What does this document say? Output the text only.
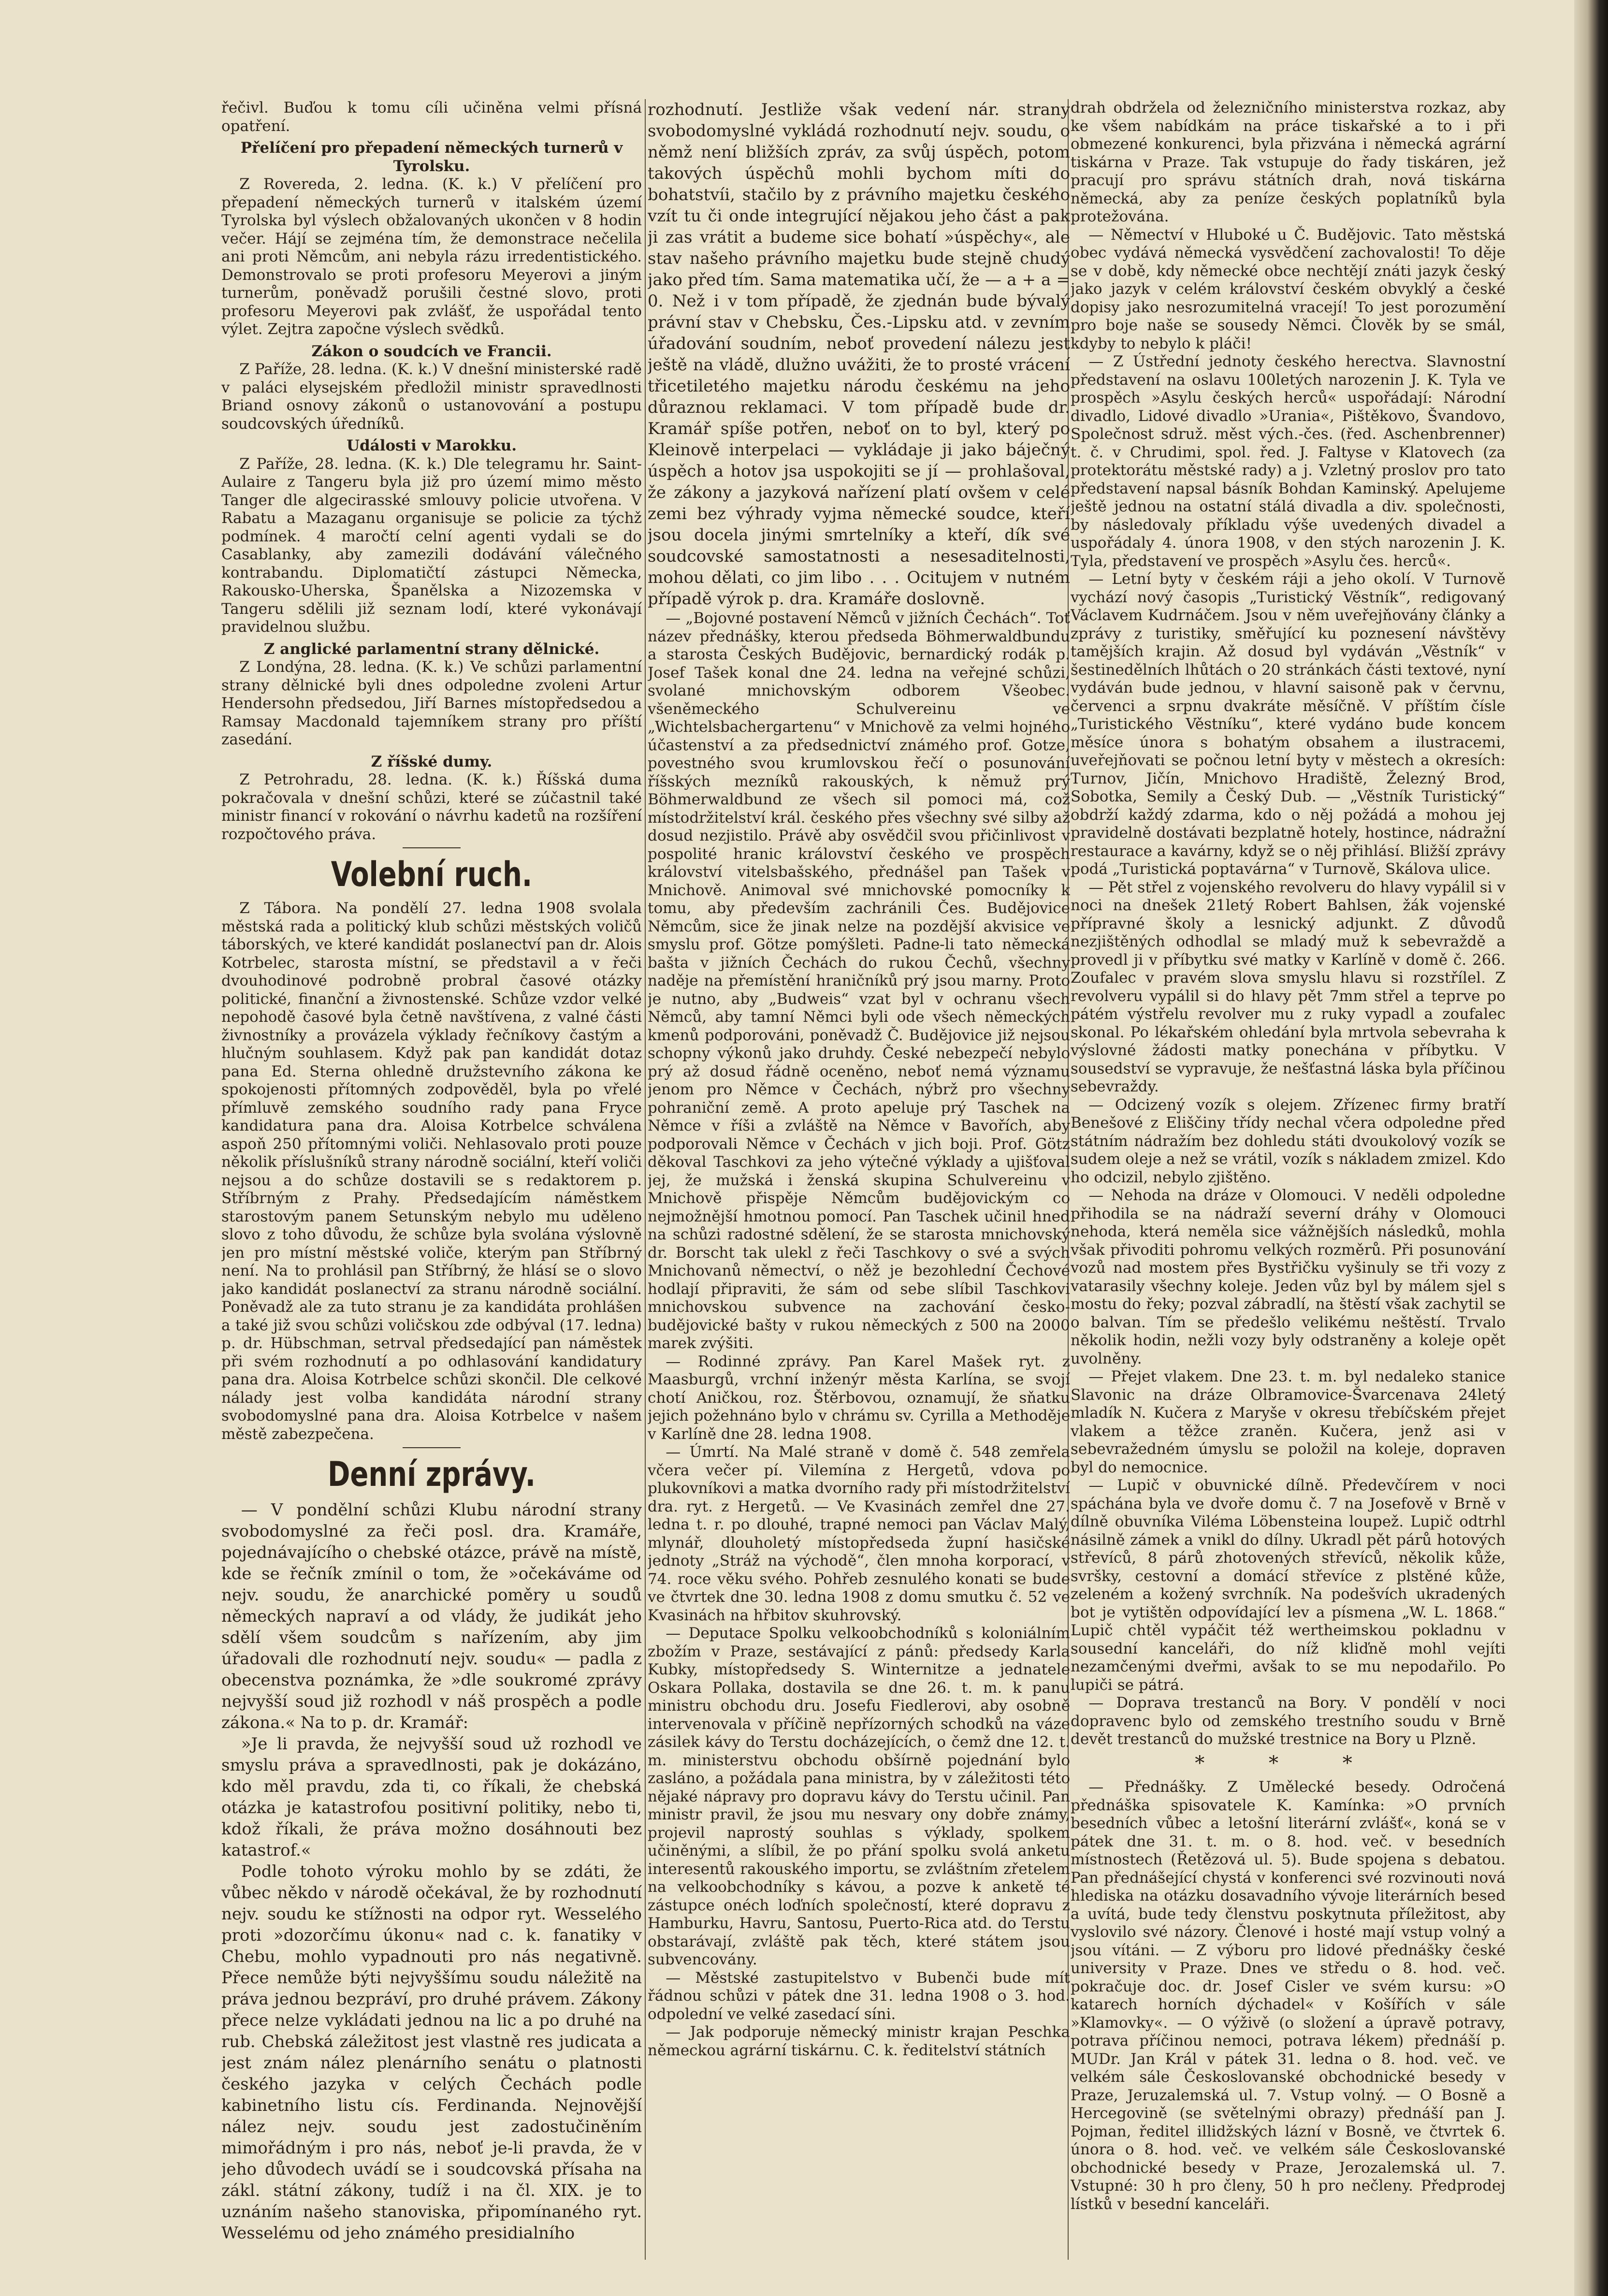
řečivl. Buďou k tomu cíli učiněna velmi přísná opatření.

Přelíčení pro přepadení německých turnerů v Tyrolsku.

Z Rovereda, 2. ledna. (K. k.) V přelíčení pro přepadení německých turnerů v italském území Tyrolska byl výslech obžalovaných ukončen v 8 hodin večer. Hájí se zejména tím, že demonstrace nečelila ani proti Němcům, ani nebyla rázu irredentistického. Demonstrovalo se proti profesoru Meyerovi a jiným turnerům, poněvadž porušili čestné slovo, proti profesoru Meyerovi pak zvlášť, že uspořádal tento výlet. Zejtra započne výslech svědků.

Zákon o soudcích ve Francii.

Z Paříže, 28. ledna. (K. k.) V dnešní ministerské radě v paláci elysejském předložil ministr spravedlnosti Briand osnovy zákonů o ustanovování a postupu soudcovských úředníků.

Události v Marokku.

Z Paříže, 28. ledna. (K. k.) Dle telegramu hr. Saint-Aulaire z Tangeru byla již pro území mimo město Tanger dle algecirasské smlouvy policie utvořena. V Rabatu a Mazaganu organisuje se policie za týchž podmínek. 4 maročtí celní agenti vydali se do Casablanky, aby zamezili dodávání válečného kontrabandu. Diplomatičtí zástupci Německa, Rakousko-Uherska, Španělska a Nizozemska v Tangeru sdělili již seznam lodí, které vykonávají pravidelnou službu.

Z anglické parlamentní strany dělnické.

Z Londýna, 28. ledna. (K. k.) Ve schůzi parlamentní strany dělnické byli dnes odpoledne zvoleni Artur Hendersohn předsedou, Jiří Barnes místopředsedou a Ramsay Macdonald tajemníkem strany pro příští zasedání.

Z říšské dumy.

Z Petrohradu, 28. ledna. (K. k.) Říšská duma pokračovala v dnešní schůzi, které se zúčastnil také ministr financí v rokování o návrhu kadetů na rozšíření rozpočtového práva.

Volební ruch.

Z Tábora. Na pondělí 27. ledna 1908 svolala městská rada a politický klub schůzi městských voličů táborských, ve které kandidát poslanectví pan dr. Alois Kotrbelec, starosta místní, se představil a v řeči dvouhodinové podrobně probral časové otázky politické, finanční a živnostenské. Schůze vzdor velké nepohodě časové byla četně navštívena, z valné části živnostníky a provázela výklady řečníkovy častým a hlučným souhlasem. Když pak pan kandidát dotaz pana Ed. Sterna ohledně družstevního zákona ke spokojenosti přítomných zodpověděl, byla po vřelé přímluvě zemského soudního rady pana Fryce kandidatura pana dra. Aloisa Kotrbelce schválena aspoň 250 přítomnými voliči. Nehlasovalo proti pouze několik příslušníků strany národně sociální, kteří voliči nejsou a do schůze dostavili se s redaktorem p. Stříbrným z Prahy. Předsedajícím náměstkem starostovým panem Setunským nebylo mu uděleno slovo z toho důvodu, že schůze byla svolána výslovně jen pro místní městské voliče, kterým pan Stříbrný není. Na to prohlásil pan Stříbrný, že hlásí se o slovo jako kandidát poslanectví za stranu národně sociální. Poněvadž ale za tuto stranu je za kandidáta prohlášen a také již svou schůzi voličskou zde odbýval (17. ledna) p. dr. Hübschman, setrval předsedající pan náměstek při svém rozhodnutí a po odhlasování kandidatury pana dra. Aloisa Kotrbelce schůzi skončil. Dle celkové nálady jest volba kandidáta národní strany svobodomyslné pana dra. Aloisa Kotrbelce v našem městě zabezpečena.

Denní zprávy.

— V pondělní schůzi Klubu národní strany svobodomyslné za řeči posl. dra. Kramáře, pojednávajícího o chebské otázce, právě na místě, kde se řečník zmínil o tom, že »očekáváme od nejv. soudu, že anarchické poměry u soudů německých napraví a od vlády, že judikát jeho sdělí všem soudcům s nařízením, aby jim úřadovali dle rozhodnutí nejv. soudu« — padla z obecenstva poznámka, že »dle soukromé zprávy nejvyšší soud již rozhodl v náš prospěch a podle zákona.« Na to p. dr. Kramář:

»Je li pravda, že nejvyšší soud už rozhodl ve smyslu práva a spravedlnosti, pak je dokázáno, kdo měl pravdu, zda ti, co říkali, že chebská otázka je katastrofou positivní politiky, nebo ti, kdož říkali, že práva možno dosáhnouti bez katastrof.«

Podle tohoto výroku mohlo by se zdáti, že vůbec někdo v národě očekával, že by rozhodnutí nejv. soudu ke stížnosti na odpor ryt. Wesselého proti »dozorčímu úkonu« nad c. k. fanatiky v Chebu, mohlo vypadnouti pro nás negativně. Přece nemůže býti nejvyššímu soudu náležitě na práva jednou bezpráví, pro druhé právem. Zákony přece nelze vykládati jednou na lic a po druhé na rub. Chebská záležitost jest vlastně res judicata a jest znám nález plenárního senátu o platnosti českého jazyka v celých Čechách podle kabinetního listu cís. Ferdinanda. Nejnovější nález nejv. soudu jest zadostučiněním mimořádným i pro nás, neboť je-li pravda, že v jeho důvodech uvádí se i soudcovská přísaha na zákl. státní zákony, tudíž i na čl. XIX. je to uznáním našeho stanoviska, připomínaného ryt. Wesselému od jeho známého presidialního

rozhodnutí. Jestliže však vedení nár. strany svobodomyslné vykládá rozhodnutí nejv. soudu, o němž není bližších zpráv, za svůj úspěch, potom takových úspěchů mohli bychom míti do bohatstvíi, stačilo by z právního majetku českého vzít tu či onde integrující nějakou jeho část a pak ji zas vrátit a budeme sice bohatí »úspěchy«, ale stav našeho právního majetku bude stejně chudý jako před tím. Sama matematika učí, že — a + a = 0. Než i v tom případě, že zjednán bude bývalý právní stav v Chebsku, Čes.-Lipsku atd. v zevním úřadování soudním, neboť provedení nálezu jest ještě na vládě, dlužno uvážiti, že to prosté vrácení třicetiletého majetku národu českému na jeho důraznou reklamaci. V tom případě bude dr. Kramář spíše potřen, neboť on to byl, který po Kleinově interpelaci — vykládaje ji jako báječný úspěch a hotov jsa uspokojiti se jí — prohlašoval, že zákony a jazyková nařízení platí ovšem v celé zemi bez výhrady vyjma německé soudce, kteří jsou docela jinými smrtelníky a kteří, dík své soudcovské samostatnosti a nesesaditelnosti, mohou dělati, co jim libo . . . Ocitujem v nutném případě výrok p. dra. Kramáře doslovně.

— „Bojovné postavení Němců v jižních Čechách“. Toť název přednášky, kterou předseda Böhmerwaldbundu a starosta Českých Budějovic, bernardický rodák p. Josef Tašek konal dne 24. ledna na veřejné schůzi, svolané mnichovským odborem Všeobec. všeněmeckého Schulvereinu ve „Wichtelsbachergartenu“ v Mnichově za velmi hojného účastenství a za předsednictví známého prof. Gotze, povestného svou krumlovskou řečí o posunování říšských mezníků rakouských, k němuž prý Böhmerwaldbund ze všech sil pomoci má, což místodržitelství král. českého přes všechny své silby až dosud nezjistilo. Právě aby osvědčil svou přičinlivost v pospolité hranic království českého ve prospěch království vitelsbašského, přednášel pan Tašek v Mnichově. Animoval své mnichovské pomocníky k tomu, aby především zachránili Čes. Budějovice Němcům, sice že jinak nelze na pozdější akvisice ve smyslu prof. Götze pomýšleti. Padne-li tato německá bašta v jižních Čechách do rukou Čechů, všechny naděje na přemístění hraničníků prý jsou marny. Proto je nutno, aby „Budweis“ vzat byl v ochranu všech Němců, aby tamní Němci byli ode všech německých kmenů podporováni, poněvadž Č. Budějovice již nejsou schopny výkonů jako druhdy. České nebezpečí nebylo prý až dosud řádně oceněno, neboť nemá významu jenom pro Němce v Čechách, nýbrž pro všechny pohraniční země. A proto apeluje prý Taschek na Němce v říši a zvláště na Němce v Bavořích, aby podporovali Němce v Čechách v jich boji. Prof. Götz děkoval Taschkovi za jeho výtečné výklady a ujišťoval jej, že mužská i ženská skupina Schulvereinu v Mnichově přispěje Němcům budějovickým co nejmožnější hmotnou pomocí. Pan Taschek učinil hned na schůzi radostné sdělení, že se starosta mnichovský dr. Borscht tak ulekl z řeči Taschkovy o své a svých Mnichovanů němectví, o něž je bezohlední Čechové hodlají připraviti, že sám od sebe slíbil Taschkovi mnichovskou subvence na zachování česko-budějovické bašty v rukou německých z 500 na 2000 marek zvýšiti.

— Rodinné zprávy. Pan Karel Mašek ryt. z Maasburgů, vrchní inženýr města Karlína, se svojí chotí Aničkou, roz. Štěrbovou, oznamují, že sňatku jejich požehnáno bylo v chrámu sv. Cyrilla a Methoděje v Karlíně dne 28. ledna 1908.

— Úmrtí. Na Malé straně v domě č. 548 zemřela včera večer pí. Vilemína z Hergetů, vdova po plukovníkovi a matka dvorního rady při místodržitelství dra. ryt. z Hergetů. — Ve Kvasinách zemřel dne 27. ledna t. r. po dlouhé, trapné nemoci pan Václav Malý, mlynář, dlouholetý místopředseda župní hasičské jednoty „Stráž na východě“, člen mnoha korporací, v 74. roce věku svého. Pohřeb zesnulého konati se bude ve čtvrtek dne 30. ledna 1908 z domu smutku č. 52 ve Kvasinách na hřbitov skuhrovský.

— Deputace Spolku velkoobchodníků s koloniálním zbožím v Praze, sestávající z pánů: předsedy Karla Kubky, místopředsedy S. Winternitze a jednatele Oskara Pollaka, dostavila se dne 26. t. m. k panu ministru obchodu dru. Josefu Fiedlerovi, aby osobně intervenovala v příčině nepřízorných schodků na váze zásilek kávy do Terstu docházejících, o čemž dne 12. t. m. ministerstvu obchodu obšírně pojednání bylo zasláno, a požádala pana ministra, by v záležitosti této nějaké nápravy pro dopravu kávy do Terstu učinil. Pan ministr pravil, že jsou mu nesvary ony dobře známy, projevil naprostý souhlas s výklady, spolkem učiněnými, a slíbil, že po přání spolku svolá anketu interesentů rakouského importu, se zvláštním zřetelem na velkoobchodníky s kávou, a pozve k anketě té zástupce onéch loďních společností, které dopravu z Hamburku, Havru, Santosu, Puerto-Rica atd. do Terstu obstarávají, zvláště pak těch, které státem jsou subvencovány.

— Městské zastupitelstvo v Bubenči bude mít řádnou schůzi v pátek dne 31. ledna 1908 o 3. hod. odpolední ve velké zasedací síni.

— Jak podporuje německý ministr krajan Peschka německou agrární tiskárnu. C. k. ředitelství státních

drah obdržela od železničního ministerstva rozkaz, aby ke všem nabídkám na práce tiskařské a to i při obmezené konkurenci, byla přizvána i německá agrární tiskárna v Praze. Tak vstupuje do řady tiskáren, jež pracují pro správu státních drah, nová tiskárna německá, aby za peníze českých poplatníků byla protežována.

— Němectví v Hluboké u Č. Budějovic. Tato městská obec vydává německá vysvědčení zachovalosti! To děje se v době, kdy německé obce nechtějí znáti jazyk český jako jazyk v celém království českém obvyklý a české dopisy jako nesrozumitelná vracejí! To jest porozumění pro boje naše se sousedy Němci. Člověk by se smál, kdyby to nebylo k pláči!

— Z Ústřední jednoty českého herectva. Slavnostní představení na oslavu 100letých narozenin J. K. Tyla ve prospěch »Asylu českých herců« uspořádají: Národní divadlo, Lidové divadlo »Urania«, Pištěkovo, Švandovo, Společnost sdruž. měst vých.-čes. (řed. Aschenbrenner) t. č. v Chrudimi, spol. řed. J. Faltyse v Klatovech (za protektorátu městské rady) a j. Vzletný proslov pro tato představení napsal básník Bohdan Kaminský. Apelujeme ještě jednou na ostatní stálá divadla a div. společnosti, by následovaly příkladu výše uvedených divadel a uspořádaly 4. února 1908, v den stých narozenin J. K. Tyla, představení ve prospěch »Asylu čes. herců«.

— Letní byty v českém ráji a jeho okolí. V Turnově vychází nový časopis „Turistický Věstník“, redigovaný Václavem Kudrnáčem. Jsou v něm uveřejňovány články a zprávy z turistiky, směřující ku poznesení návštěvy tamějších krajin. Až dosud byl vydáván „Věstník“ v šestinedělních lhůtách o 20 stránkách části textové, nyní vydáván bude jednou, v hlavní saisoně pak v červnu, červenci a srpnu dvakráte měsíčně. V příštím čísle „Turistického Věstníku“, které vydáno bude koncem měsíce února s bohatým obsahem a ilustracemi, uveřejňovati se počnou letní byty v městech a okresích: Turnov, Jičín, Mnichovo Hradiště, Železný Brod, Sobotka, Semily a Český Dub. — „Věstník Turistický“ obdrží každý zdarma, kdo o něj požádá a mohou jej pravidelně dostávati bezplatně hotely, hostince, nádražní restaurace a kavárny, když se o něj přihlásí. Bližší zprávy podá „Turistická poptavárna“ v Turnově, Skálova ulice.

— Pět střel z vojenského revolveru do hlavy vypálil si v noci na dnešek 21letý Robert Bahlsen, žák vojenské přípravné školy a lesnický adjunkt. Z důvodů nezjištěných odhodlal se mladý muž k sebevraždě a provedl ji v příbytku své matky v Karlíně v domě č. 266. Zoufalec v pravém slova smyslu hlavu si rozstřílel. Z revolveru vypálil si do hlavy pět 7mm střel a teprve po pátém výstřelu revolver mu z ruky vypadl a zoufalec skonal. Po lékařském ohledání byla mrtvola sebevraha k výslovné žádosti matky ponechána v příbytku. V sousedství se vypravuje, že nešťastná láska byla příčinou sebevraždy.

— Odcizený vozík s olejem. Zřízenec firmy bratří Benešové z Eliščiny třídy nechal včera odpoledne před státním nádražím bez dohledu státi dvoukolový vozík se sudem oleje a než se vrátil, vozík s nákladem zmizel. Kdo ho odcizil, nebylo zjištěno.

— Nehoda na dráze v Olomouci. V neděli odpoledne přihodila se na nádraží severní dráhy v Olomouci nehoda, která neměla sice vážnějších následků, mohla však přivoditi pohromu velkých rozměrů. Při posunování vozů nad mostem přes Bystřičku vyšinuly se tři vozy z vatarasily všechny koleje. Jeden vůz byl by málem sjel s mostu do řeky; pozval zábradlí, na štěstí však zachytil se o balvan. Tím se předešlo velikému neštěstí. Trvalo několik hodin, nežli vozy byly odstraněny a koleje opět uvolněny.

— Přejet vlakem. Dne 23. t. m. byl nedaleko stanice Slavonic na dráze Olbramovice-Švarcenava 24letý mladík N. Kučera z Maryše v okresu třebíčském přejet vlakem a těžce zraněn. Kučera, jenž asi v sebevražedném úmyslu se položil na koleje, dopraven byl do nemocnice.

— Lupič v obuvnické dílně. Předevčírem v noci spáchána byla ve dvoře domu č. 7 na Josefově v Brně v dílně obuvníka Viléma Löbensteina loupež. Lupič odtrhl násilně zámek a vnikl do dílny. Ukradl pět párů hotových střevíců, 8 párů zhotovených střevíců, několik kůže, svršky, cestovní a domácí střevíce z plstěné kůže, zeleném a kožený svrchník. Na podešvích ukradených bot je vytištěn odpovídající lev a písmena „W. L. 1868.“ Lupič chtěl vypáčit též wertheimskou pokladnu v sousední kanceláři, do níž kliďně mohl vejíti nezamčenými dveřmi, avšak to se mu nepodařilo. Po lupiči se pátrá.

— Doprava trestanců na Bory. V pondělí v noci dopravenc bylo od zemského trestního soudu v Brně devět trestanců do mužské trestnice na Bory u Plzně.

* * *

— Přednášky. Z Umělecké besedy. Odročená přednáška spisovatele K. Kamínka: »O prvních besedních vůbec a letošní literární zvlášť«, koná se v pátek dne 31. t. m. o 8. hod. več. v besedních místnostech (Řetězová ul. 5). Bude spojena s debatou. Pan přednášející chystá v konferenci své rozvinouti nová hlediska na otázku dosavadního vývoje literárních besed a uvítá, bude tedy členstvu poskytnuta příležitost, aby vyslovilo své názory. Členové i hosté mají vstup volný a jsou vítáni. — Z výboru pro lidové přednášky české university v Praze. Dnes ve středu o 8. hod. več. pokračuje doc. dr. Josef Cisler ve svém kursu: »O katarech horních dýchadel« v Košířích v sále »Klamovky«. — O výživě (o složení a úpravě potravy, potrava příčinou nemoci, potrava lékem) přednáší p. MUDr. Jan Král v pátek 31. ledna o 8. hod. več. ve velkém sále Českoslovanské obchodnické besedy v Praze, Jeruzalemská ul. 7. Vstup volný. — O Bosně a Hercegovině (se světelnými obrazy) přednáší pan J. Pojman, ředitel illidžských lázní v Bosně, ve čtvrtek 6. února o 8. hod. več. ve velkém sále Českoslovanské obchodnické besedy v Praze, Jerozalemská ul. 7. Vstupné: 30 h pro členy, 50 h pro nečleny. Předprodej lístků v besední kanceláři.
